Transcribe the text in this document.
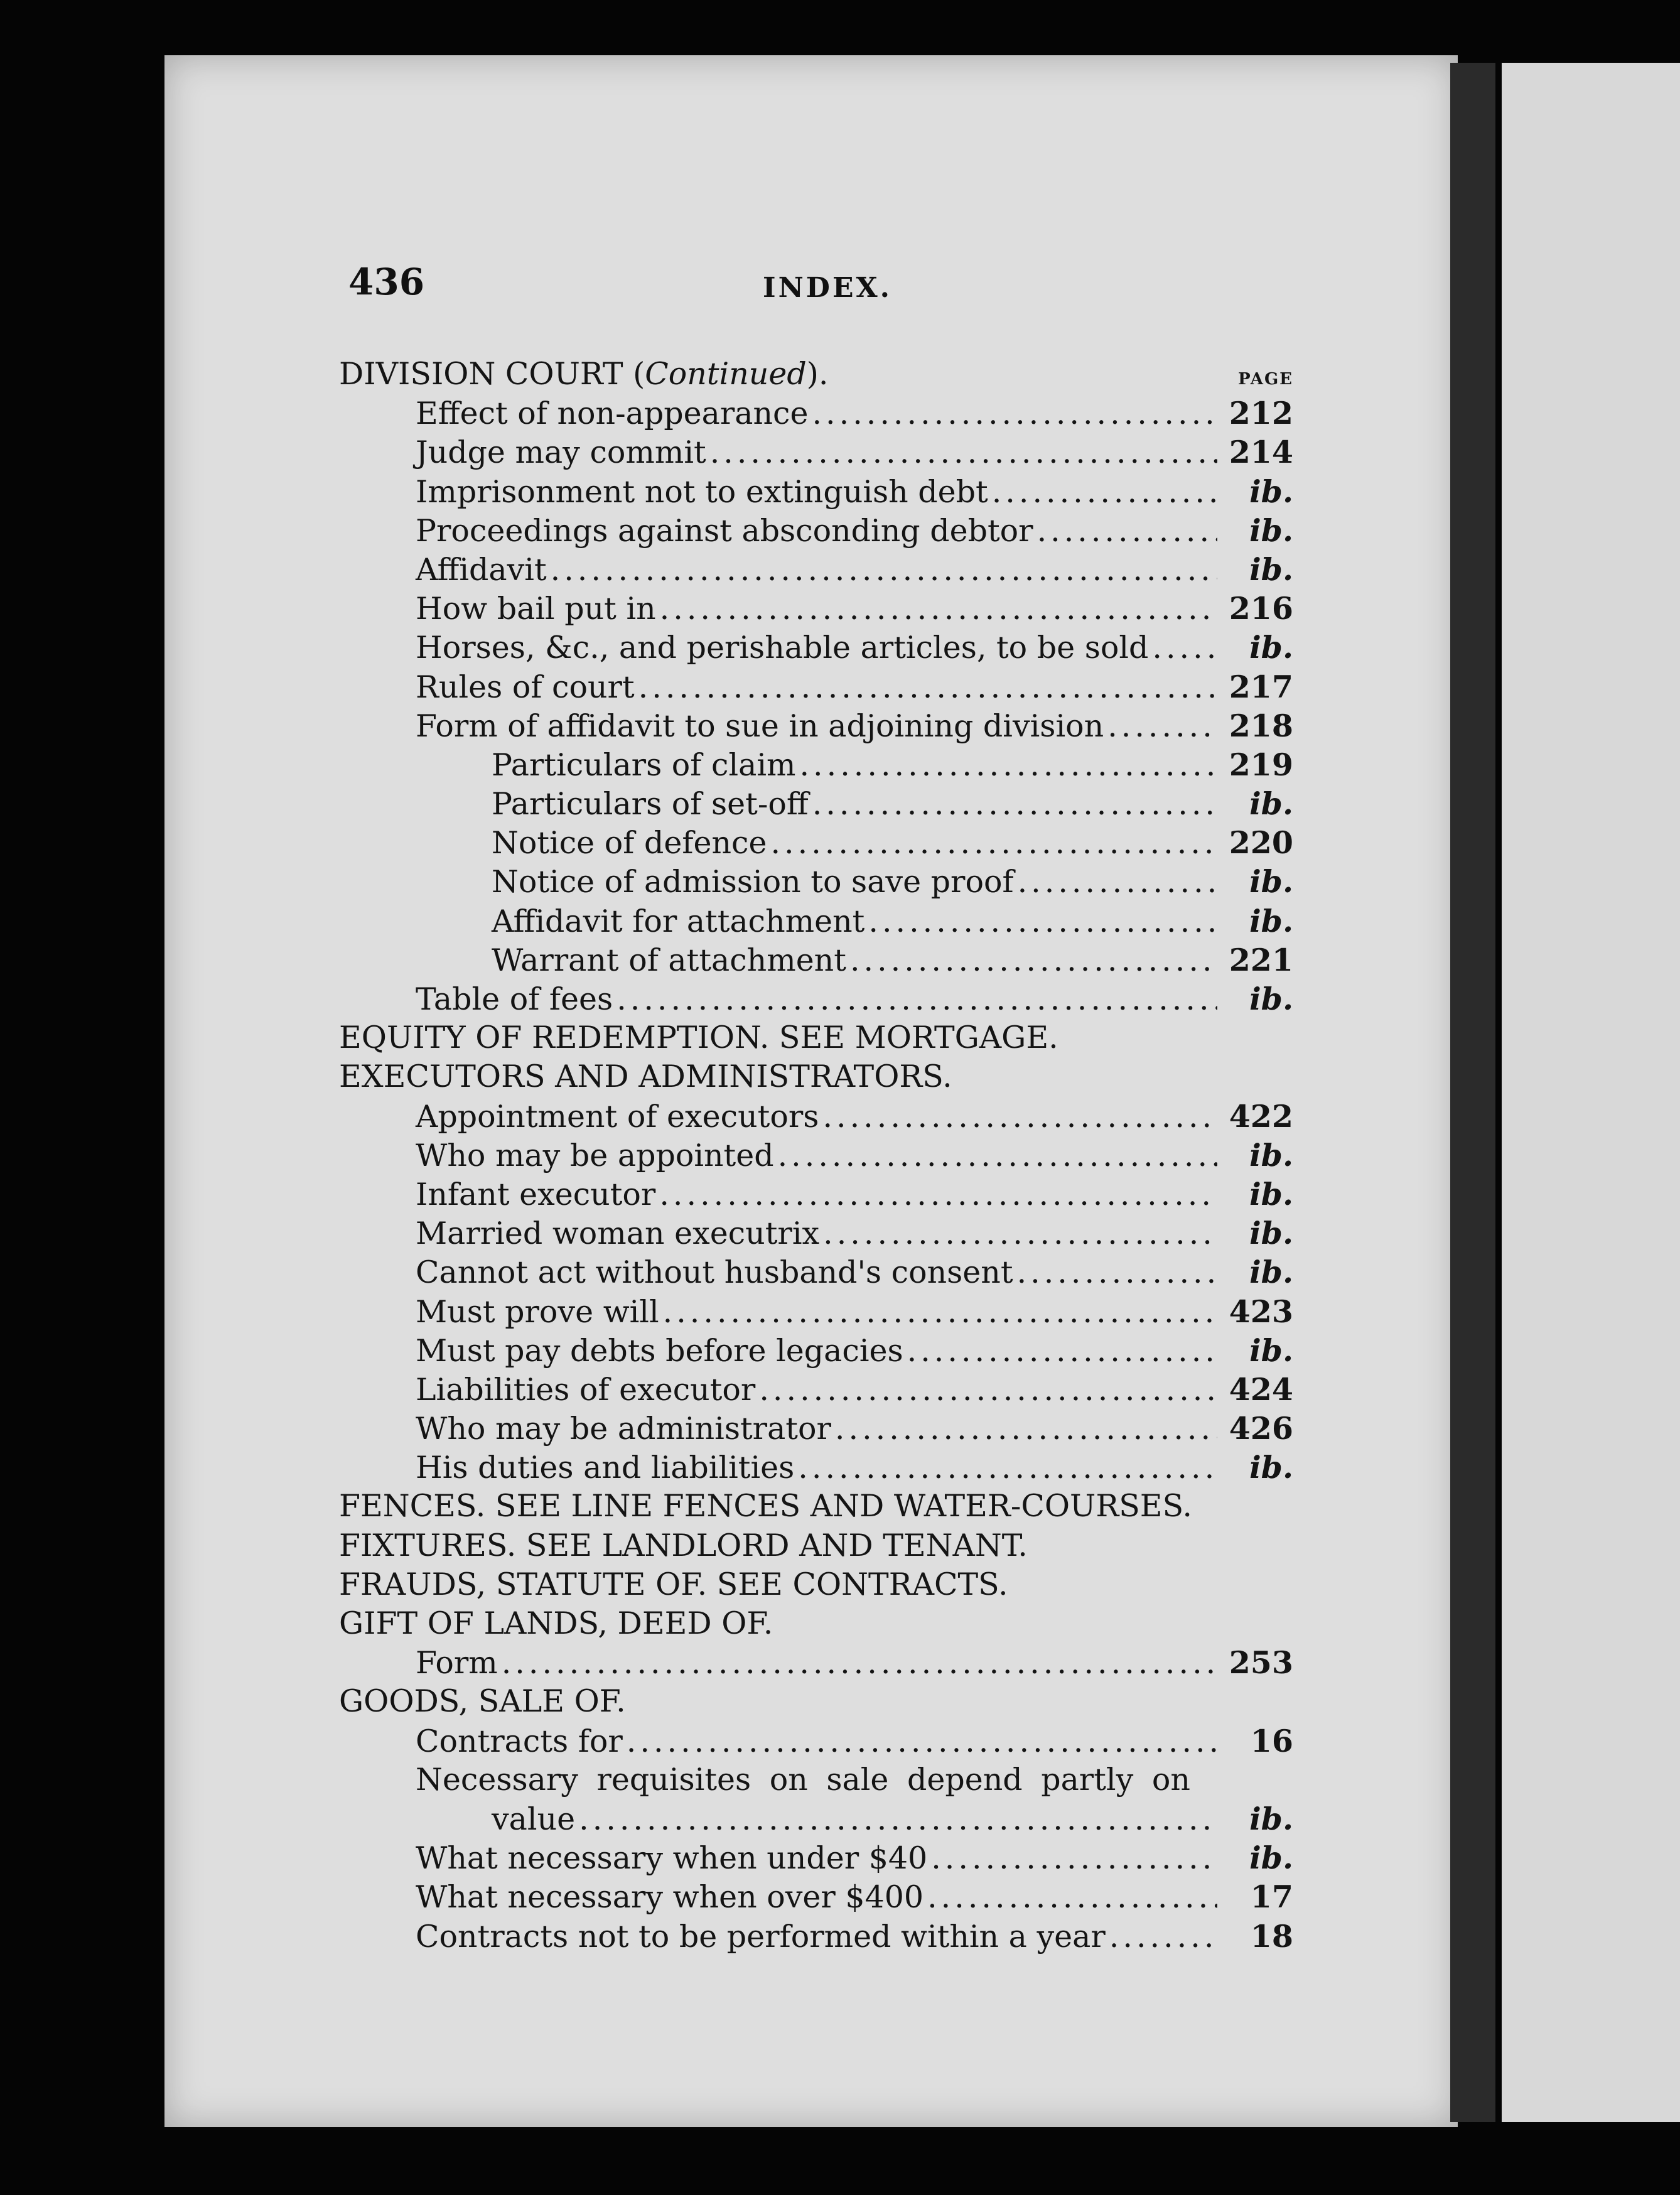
436	INDEX.
DIVISION COURT ( Continued ).	PAGE
Effect of non-appearance .....	212
Judge may commit .....	214
Imprisonment not to extinguish debt .....	ib.
Proceedings against absconding debtor .....	ib.
Affidavit .....	ib.
How bail put in .....	216
Horses, &c., and perishable articles, to be sold .....	ib.
Rules of court .....	217
Form of affidavit to sue in adjoining division .....	218
Particulars of claim .....	219
Particulars of set-off .....	ib.
Notice of defence .....	220
Notice of admission to save proof .....	ib.
Affidavit for attachment .....	ib.
Warrant of attachment .....	221
Table of fees .....	ib.
EQUITY OF REDEMPTION. SEE MORTGAGE.
EXECUTORS AND ADMINISTRATORS.
Appointment of executors .....	422
Who may be appointed .....	ib.
Infant executor .....	ib.
Married woman executrix .....	ib.
Cannot act without husband's consent .....	ib.
Must prove will .....	423
Must pay debts before legacies .....	ib.
Liabilities of executor .....	424
Who may be administrator .....	426
His duties and liabilities .....	ib.
FENCES. SEE LINE FENCES AND WATER-COURSES.
FIXTURES. SEE LANDLORD AND TENANT.
FRAUDS, STATUTE OF. SEE CONTRACTS.
GIFT OF LANDS, DEED OF.
Form .....	253
GOODS, SALE OF.
Contracts for .....	16
Necessary requisites on sale depend partly on
value .....	ib.
What necessary when under $40 .....	ib.
What necessary when over $400 .....	17
Contracts not to be performed within a year .....	18
